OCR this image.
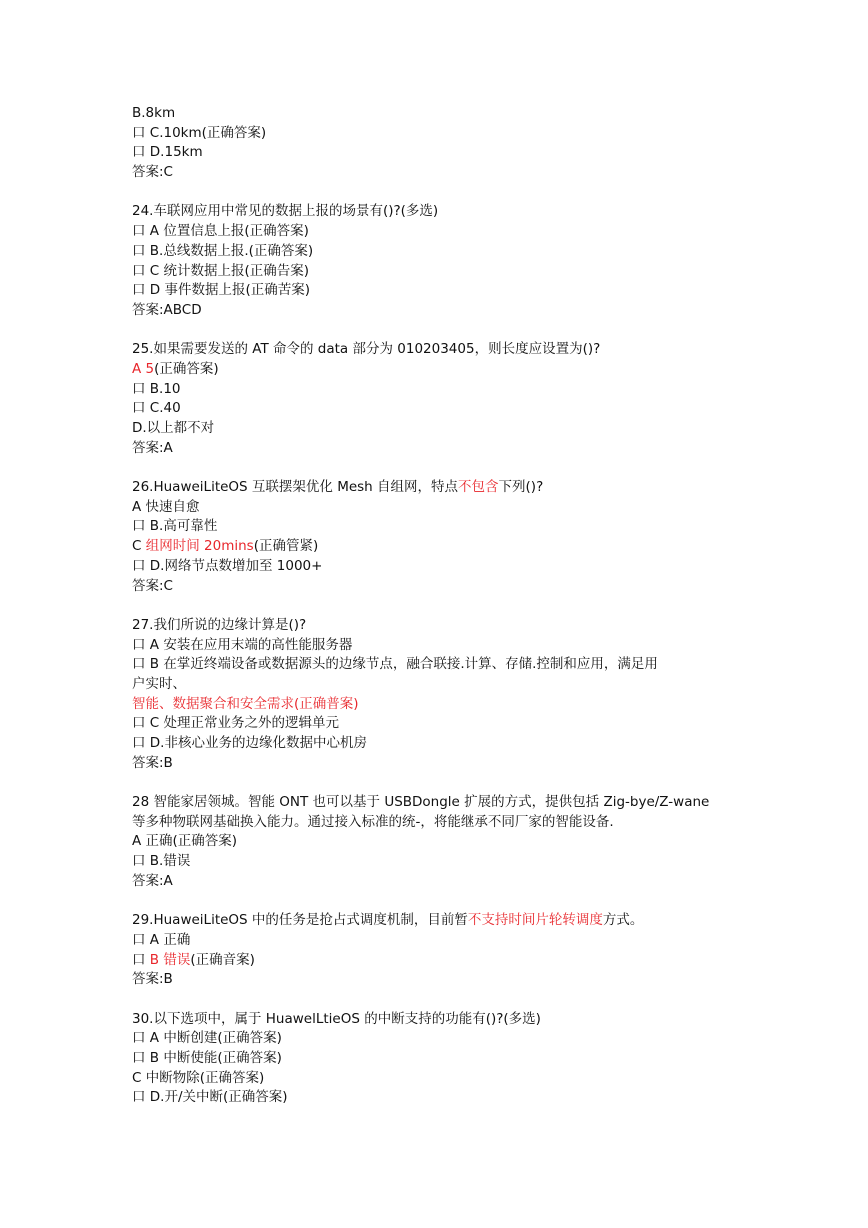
B.8km
口 C.10km(正确答案)
口 D.15km
答案:C
24.车联网应用中常见的数据上报的场景有()?(多选)
口 A 位置信息上报(正确答案)
口 B.总线数据上报.(正确答案)
口 C 统计数据上报(正确告案)
口 D 事件数据上报(正确苦案)
答案:ABCD
25.如果需要发送的 AT 命令的 data 部分为 010203405，则长度应设置为()?
A 5(正确答案)
口 B.10
口 C.40
D.以上都不对
答案:A
26.HuaweiLiteOS 互联摆架优化 Mesh 自组网，特点不包含下列()?
A 快速自愈
口 B.高可靠性
C 组网时间 20mins(正确管紧)
口 D.网络节点数增加至 1000+
答案:C
27.我们所说的边缘计算是()?
口 A 安装在应用末端的高性能服务器
口 B 在掌近终端设备或数据源头的边缘节点，融合联接.计算、存储.控制和应用，满足用
户实时、
智能、数据聚合和安全需求(正确普案)
口 C 处理正常业务之外的逻辑单元
口 D.非核心业务的边缘化数据中心机房
答案:B
28 智能家居领城。智能 ONT 也可以基于 USBDongle 扩展的方式，提供包括 Zig-bye/Z-wane
等多种物联网基础换入能力。通过接入标准的统-，将能继承不同厂家的智能设备.
A 正确(正确答案)
口 B.错误
答案:A
29.HuaweiLiteOS 中的任务是抢占式调度机制，目前暂不支持时间片轮转调度方式。
口 A 正确
口 B 错误(正确音案)
答案:B
30.以下选项中，属于 HuawelLtieOS 的中断支持的功能有()?(多选)
口 A 中断创建(正确答案)
口 B 中断使能(正确答案)
C 中断物除(正确答案)
口 D.开/关中断(正确答案)
